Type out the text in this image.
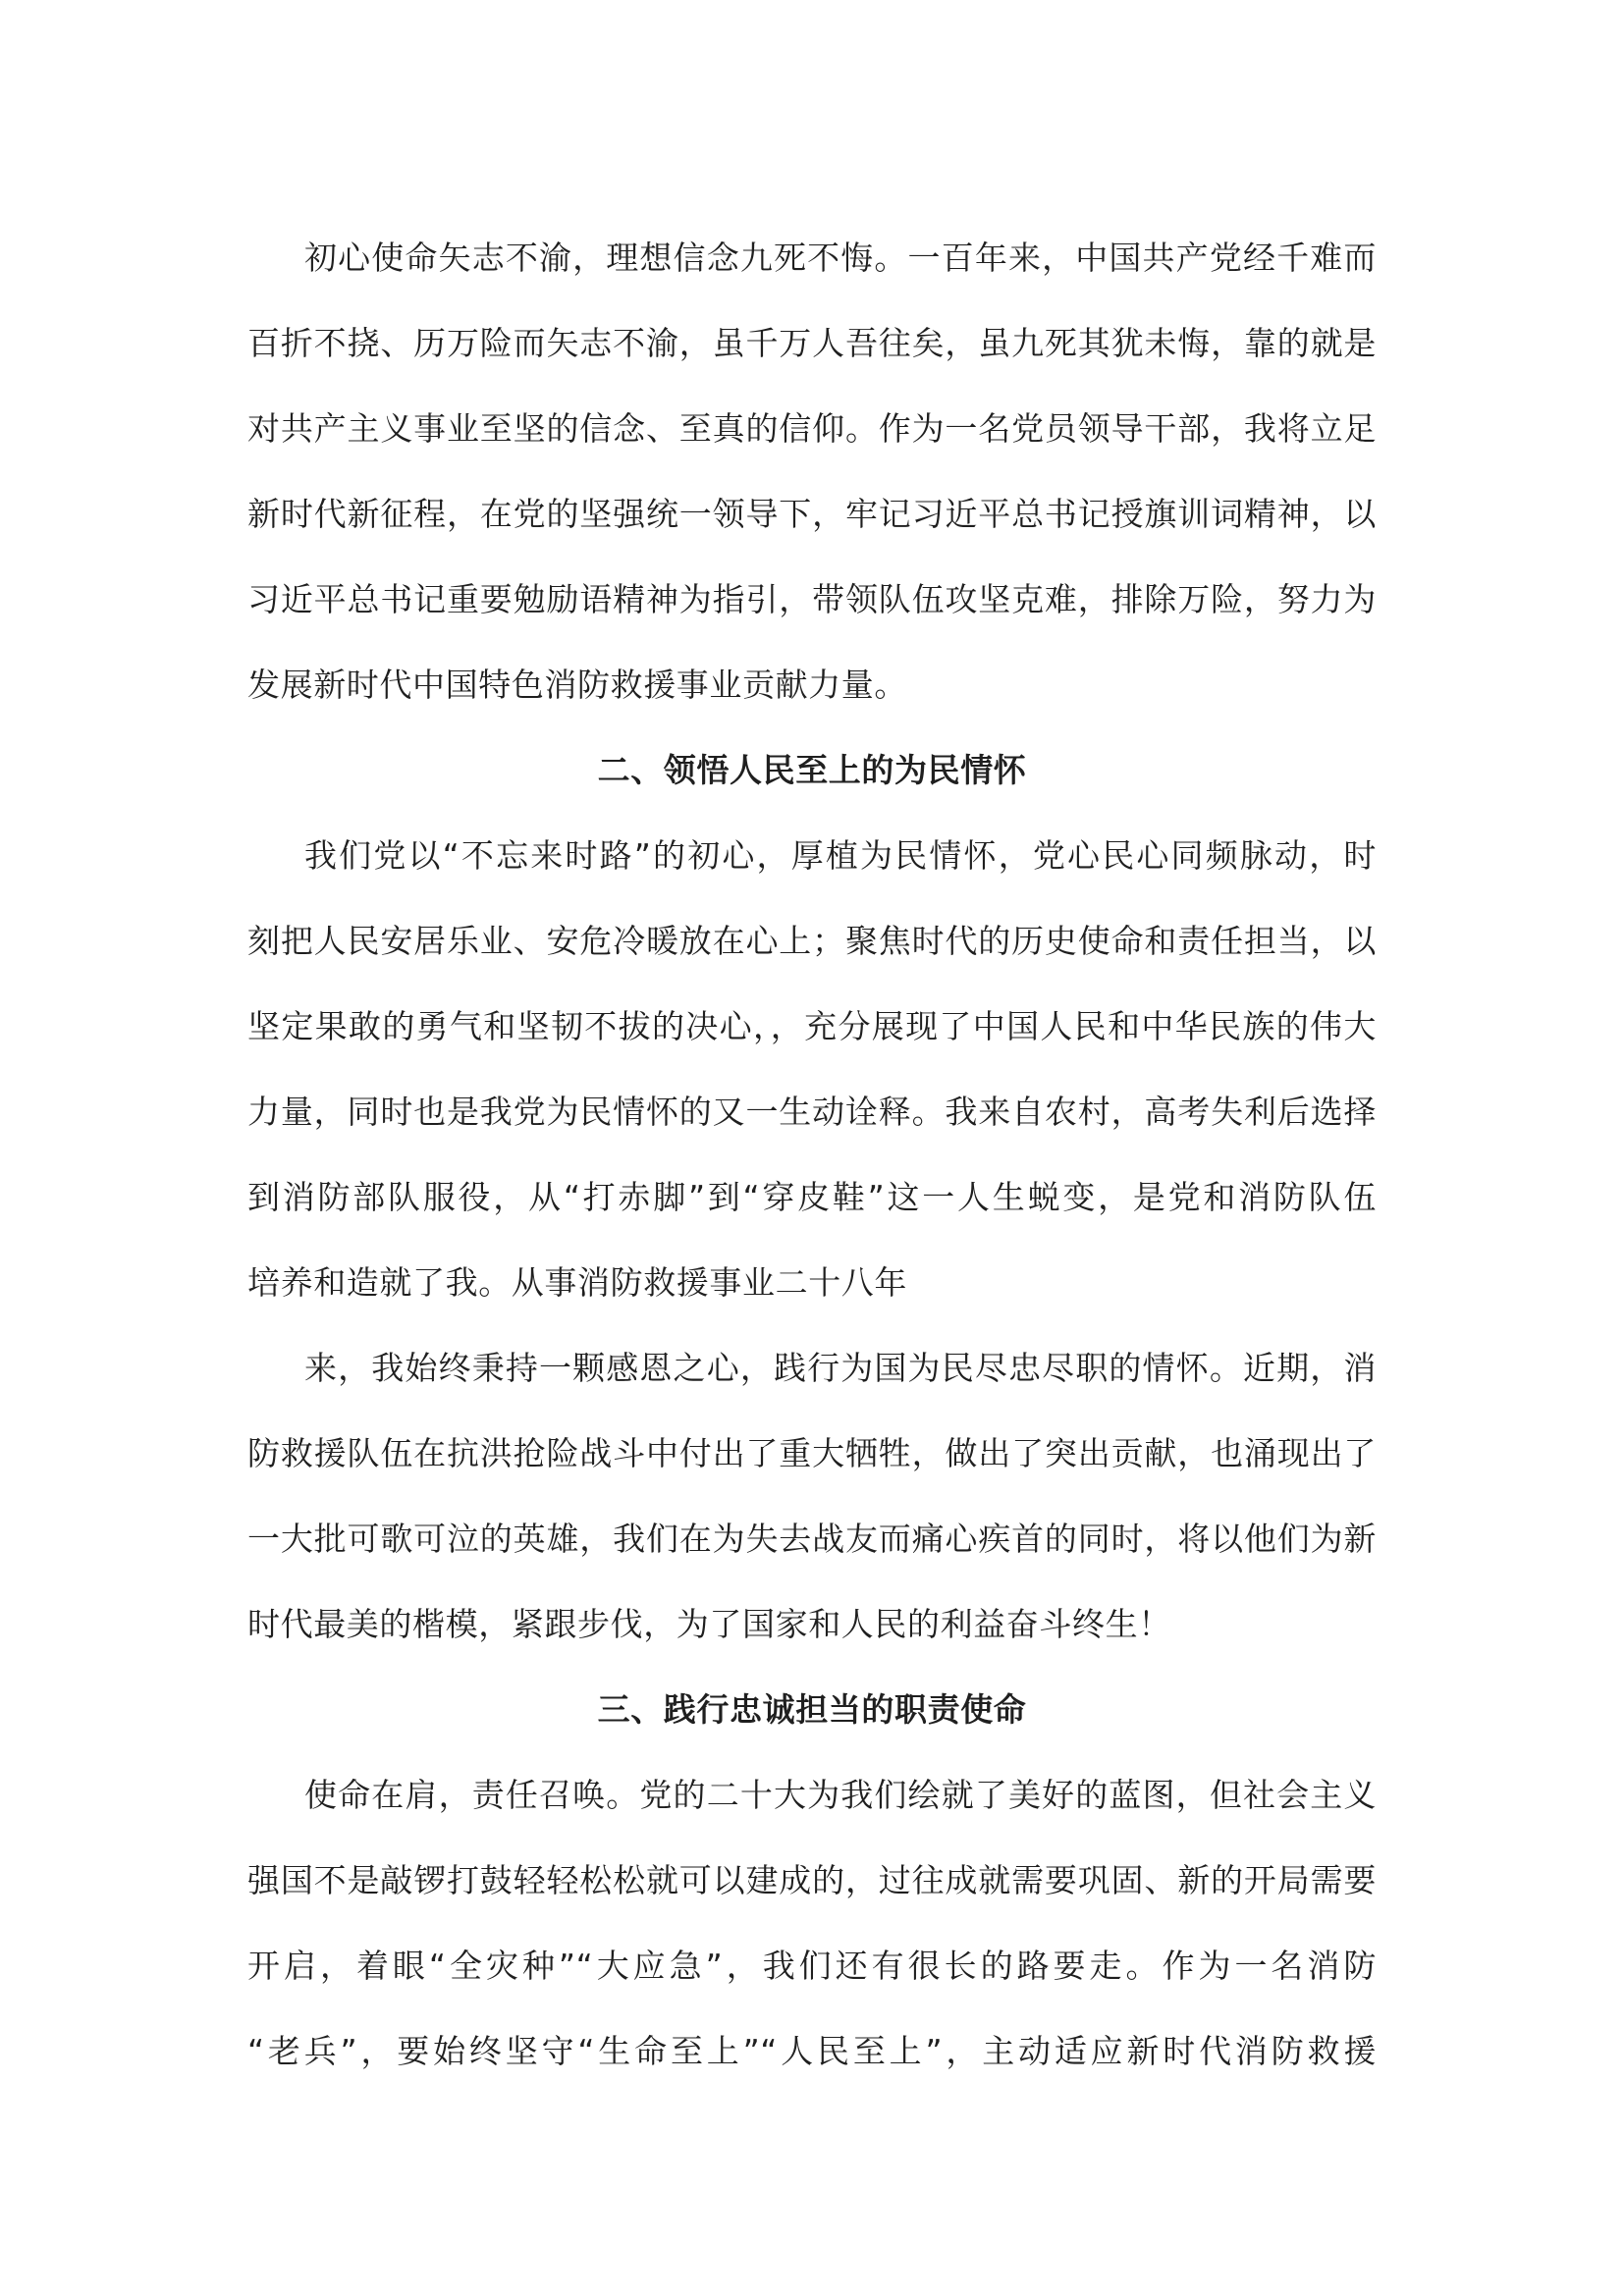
初心使命矢志不渝，理想信念九死不悔。一百年来，中国共产党经千难而
百折不挠、历万险而矢志不渝，虽千万人吾往矣，虽九死其犹未悔，靠的就是
对共产主义事业至坚的信念、至真的信仰。作为一名党员领导干部，我将立足
新时代新征程，在党的坚强统一领导下，牢记习近平总书记授旗训词精神，以
习近平总书记重要勉励语精神为指引，带领队伍攻坚克难，排除万险，努力为
发展新时代中国特色消防救援事业贡献力量。
二、领悟人民至上的为民情怀
我们党以“不忘来时路”的初心，厚植为民情怀，党心民心同频脉动，时
刻把人民安居乐业、安危冷暖放在心上；聚焦时代的历史使命和责任担当，以
坚定果敢的勇气和坚韧不拔的决心，，充分展现了中国人民和中华民族的伟大
力量，同时也是我党为民情怀的又一生动诠释。我来自农村，高考失利后选择
到消防部队服役，从“打赤脚”到“穿皮鞋”这一人生蜕变，是党和消防队伍
培养和造就了我。从事消防救援事业二十八年
来，我始终秉持一颗感恩之心，践行为国为民尽忠尽职的情怀。近期，消
防救援队伍在抗洪抢险战斗中付出了重大牺牲，做出了突出贡献，也涌现出了
一大批可歌可泣的英雄，我们在为失去战友而痛心疾首的同时，将以他们为新
时代最美的楷模，紧跟步伐，为了国家和人民的利益奋斗终生！
三、践行忠诚担当的职责使命
使命在肩，责任召唤。党的二十大为我们绘就了美好的蓝图，但社会主义
强国不是敲锣打鼓轻轻松松就可以建成的，过往成就需要巩固、新的开局需要
开启，着眼“全灾种”“大应急”，我们还有很长的路要走。作为一名消防
“老兵”，要始终坚守“生命至上”“人民至上”，主动适应新时代消防救援
